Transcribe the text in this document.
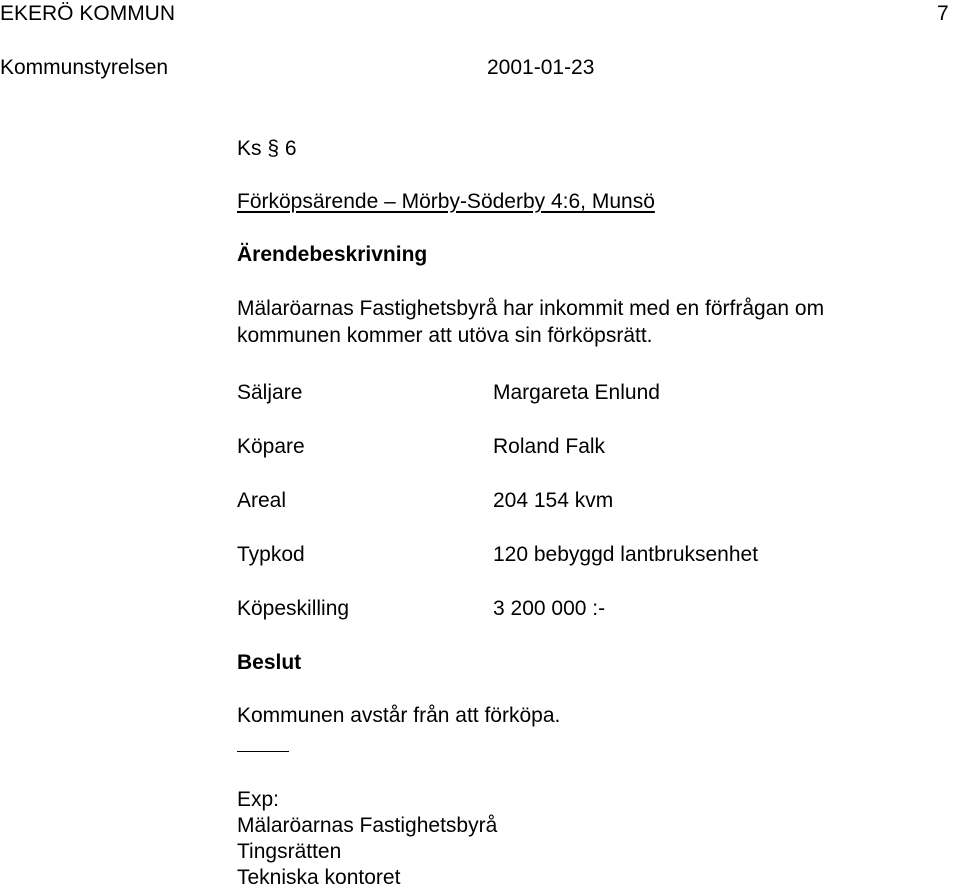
EKERÖ KOMMUN	7
Kommunstyrelsen	2001-01-23
Ks § 6
Förköpsärende – Mörby-Söderby 4:6, Munsö
Ärendebeskrivning
Mälaröarnas Fastighetsbyrå har inkommit med en förfrågan om
kommunen kommer att utöva sin förköpsrätt.
Säljare	Margareta Enlund
Köpare	Roland Falk
Areal	204 154 kvm
Typkod	120 bebyggd lantbruksenhet
Köpeskilling	3 200 000 :-
Beslut
Kommunen avstår från att förköpa.
Exp:
Mälaröarnas Fastighetsbyrå
Tingsrätten
Tekniska kontoret
